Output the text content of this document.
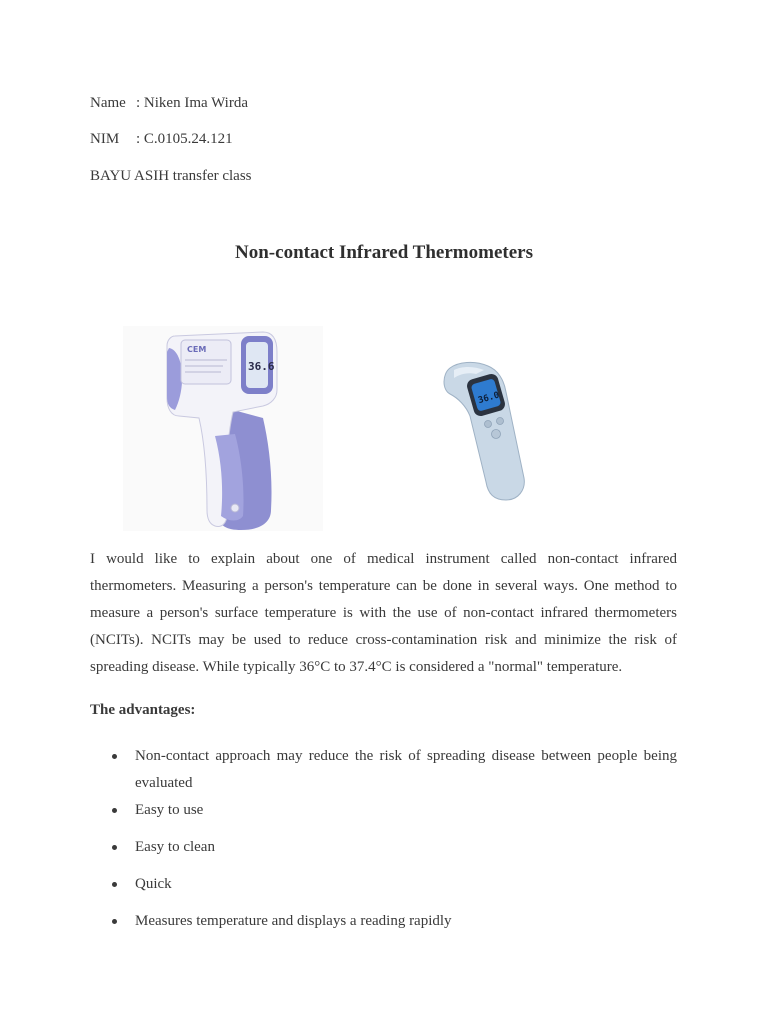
Name : Niken Ima Wirda
NIM : C.0105.24.121
BAYU ASIH transfer class
Non-contact Infrared Thermometers
CEM
36.6
36.0
I would like to explain about one of medical instrument called non-contact infrared thermometers. Measuring a person's temperature can be done in several ways. One method to measure a person's surface temperature is with the use of non-contact infrared thermometers (NCITs). NCITs may be used to reduce cross-contamination risk and minimize the risk of spreading disease. While typically 36°C to 37.4°C is considered a "normal" temperature.
The advantages:
Non-contact approach may reduce the risk of spreading disease between people being evaluated
Easy to use
Easy to clean
Quick
Measures temperature and displays a reading rapidly
